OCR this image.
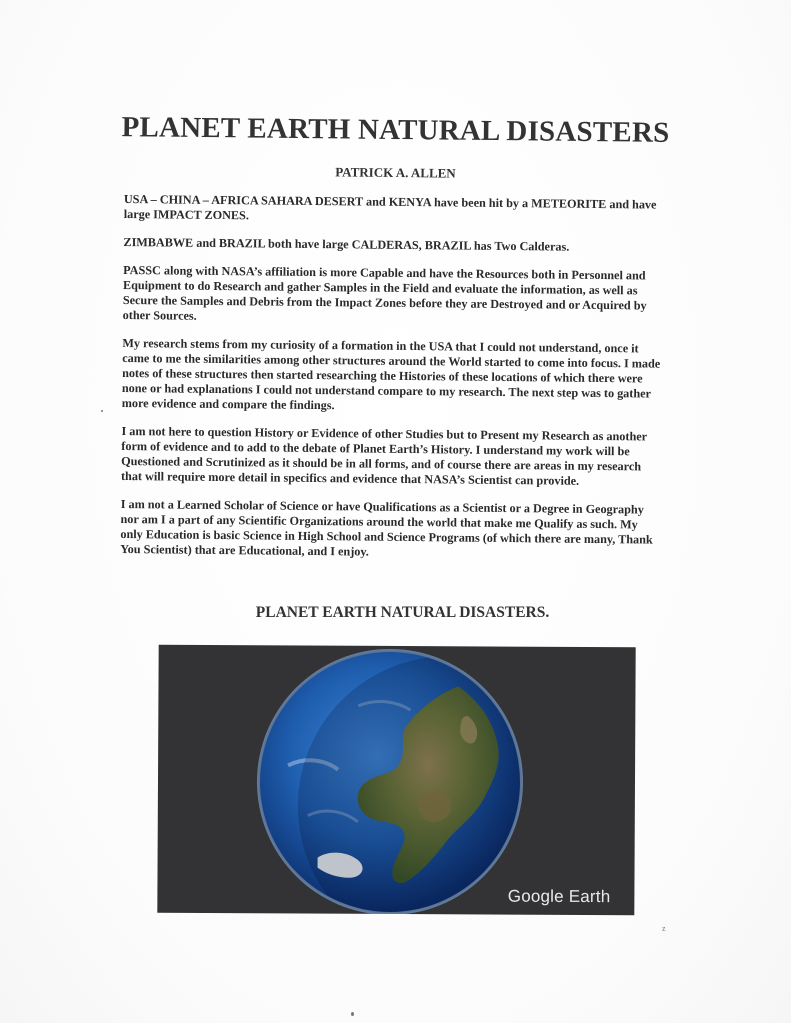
PLANET EARTH NATURAL DISASTERS
PATRICK A. ALLEN

USA – CHINA – AFRICA SAHARA DESERT and KENYA have been hit by a METEORITE and have large IMPACT ZONES.

ZIMBABWE and BRAZIL both have large CALDERAS, BRAZIL has Two Calderas.

PASSC along with NASA’s affiliation is more Capable and have the Resources both in Personnel and Equipment to do Research and gather Samples in the Field and evaluate the information, as well as Secure the Samples and Debris from the Impact Zones before they are Destroyed and or Acquired by other Sources.

My research stems from my curiosity of a formation in the USA that I could not understand, once it came to me the similarities among other structures around the World started to come into focus. I made notes of these structures then started researching the Histories of these locations of which there were none or had explanations I could not understand compare to my research. The next step was to gather more evidence and compare the findings.

I am not here to question History or Evidence of other Studies but to Present my Research as another form of evidence and to add to the debate of Planet Earth’s History. I understand my work will be Questioned and Scrutinized as it should be in all forms, and of course there are areas in my research that will require more detail in specifics and evidence that NASA’s Scientist can provide.

I am not a Learned Scholar of Science or have Qualifications as a Scientist or a Degree in Geography nor am I a part of any Scientific Organizations around the world that make me Qualify as such. My only Education is basic Science in High School and Science Programs (of which there are many, Thank You Scientist) that are Educational, and I enjoy.

PLANET EARTH NATURAL DISASTERS.
Google Earth
z
